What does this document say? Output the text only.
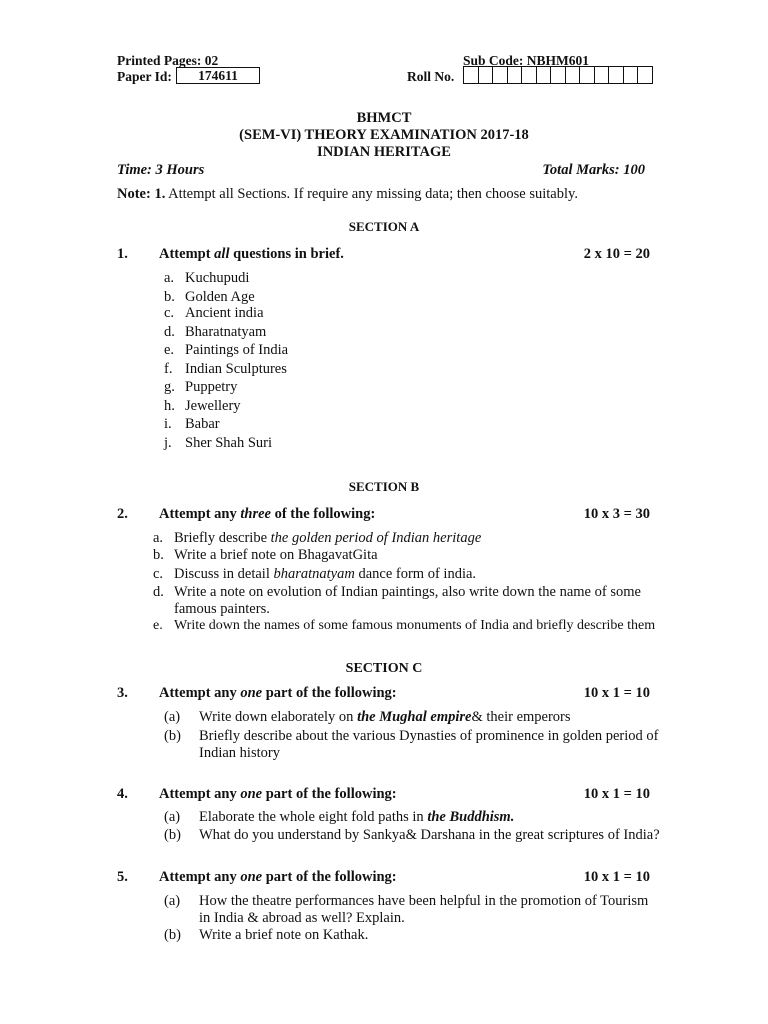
Printed Pages: 02	Sub Code: NBHM601
Paper Id:	174611	Roll No.
BHMCT
(SEM-VI) THEORY EXAMINATION 2017-18
INDIAN HERITAGE
Time: 3 Hours	Total Marks: 100
Note: 1. Attempt all Sections. If require any missing data; then choose suitably.
SECTION A
1. Attempt all questions in brief.	2 x 10 = 20
a. Kuchupudi
b. Golden Age
c. Ancient india
d. Bharatnatyam
e. Paintings of India
f. Indian Sculptures
g. Puppetry
h. Jewellery
i. Babar
j. Sher Shah Suri
SECTION B
2. Attempt any three of the following:	10 x 3 = 30
a. Briefly describe the golden period of Indian heritage
b. Write a brief note on BhagavatGita
c. Discuss in detail bharatnatyam dance form of india.
d. Write a note on evolution of Indian paintings, also write down the name of some
famous painters.
e. Write down the names of some famous monuments of India and briefly describe them
SECTION C
3. Attempt any one part of the following:	10 x 1 = 10
(a) Write down elaborately on the Mughal empire& their emperors
(b) Briefly describe about the various Dynasties of prominence in golden period of
Indian history
4. Attempt any one part of the following:	10 x 1 = 10
(a) Elaborate the whole eight fold paths in the Buddhism.
(b) What do you understand by Sankya& Darshana in the great scriptures of India?
5. Attempt any one part of the following:	10 x 1 = 10
(a) How the theatre performances have been helpful in the promotion of Tourism
in India & abroad as well? Explain.
(b) Write a brief note on Kathak.
